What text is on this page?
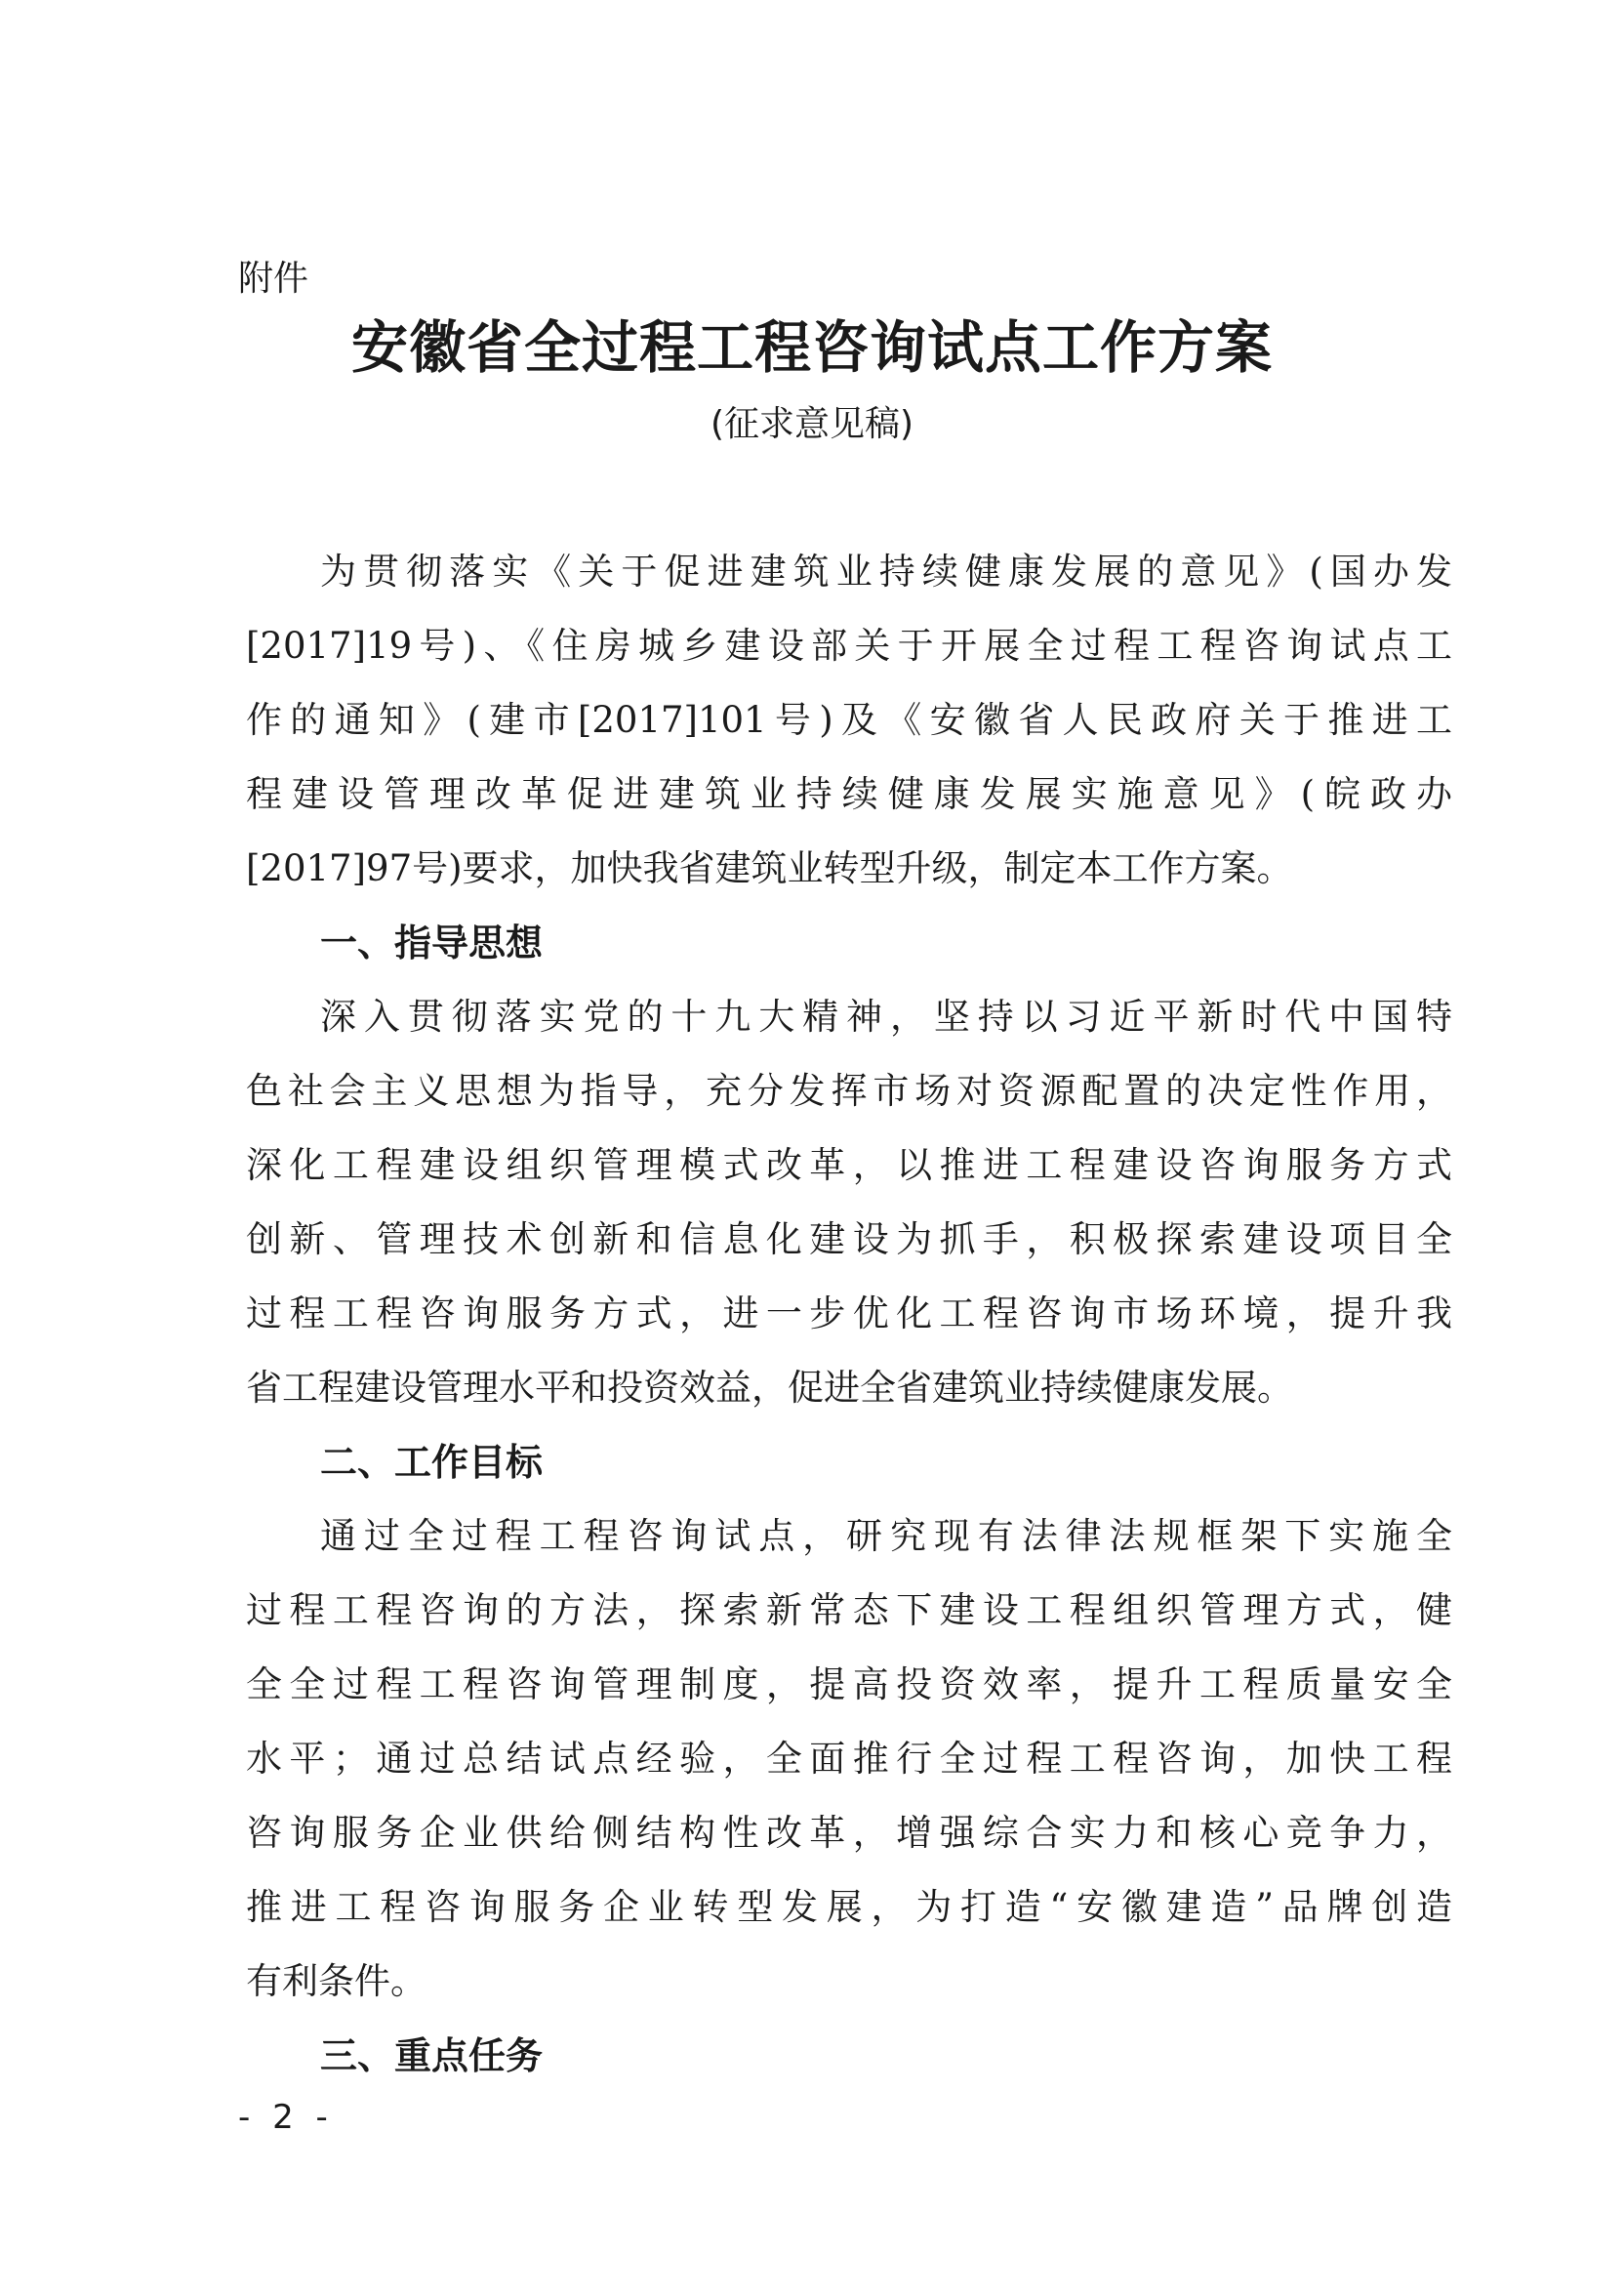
附件
安徽省全过程工程咨询试点工作方案
(征求意见稿)
为贯彻落实《关于促进建筑业持续健康发展的意见》(国办发
[2017]19号)、《住房城乡建设部关于开展全过程工程咨询试点工
作的通知》(建市[2017]101号)及《安徽省人民政府关于推进工
程建设管理改革促进建筑业持续健康发展实施意见》(皖政办
[2017]97号)要求，加快我省建筑业转型升级，制定本工作方案。
一、指导思想
深入贯彻落实党的十九大精神，坚持以习近平新时代中国特
色社会主义思想为指导，充分发挥市场对资源配置的决定性作用，
深化工程建设组织管理模式改革，以推进工程建设咨询服务方式
创新、管理技术创新和信息化建设为抓手，积极探索建设项目全
过程工程咨询服务方式，进一步优化工程咨询市场环境，提升我
省工程建设管理水平和投资效益，促进全省建筑业持续健康发展。
二、工作目标
通过全过程工程咨询试点，研究现有法律法规框架下实施全
过程工程咨询的方法，探索新常态下建设工程组织管理方式，健
全全过程工程咨询管理制度，提高投资效率，提升工程质量安全
水平；通过总结试点经验，全面推行全过程工程咨询，加快工程
咨询服务企业供给侧结构性改革，增强综合实力和核心竞争力，
推进工程咨询服务企业转型发展，为打造“安徽建造”品牌创造
有利条件。
三、重点任务
- 2 -
